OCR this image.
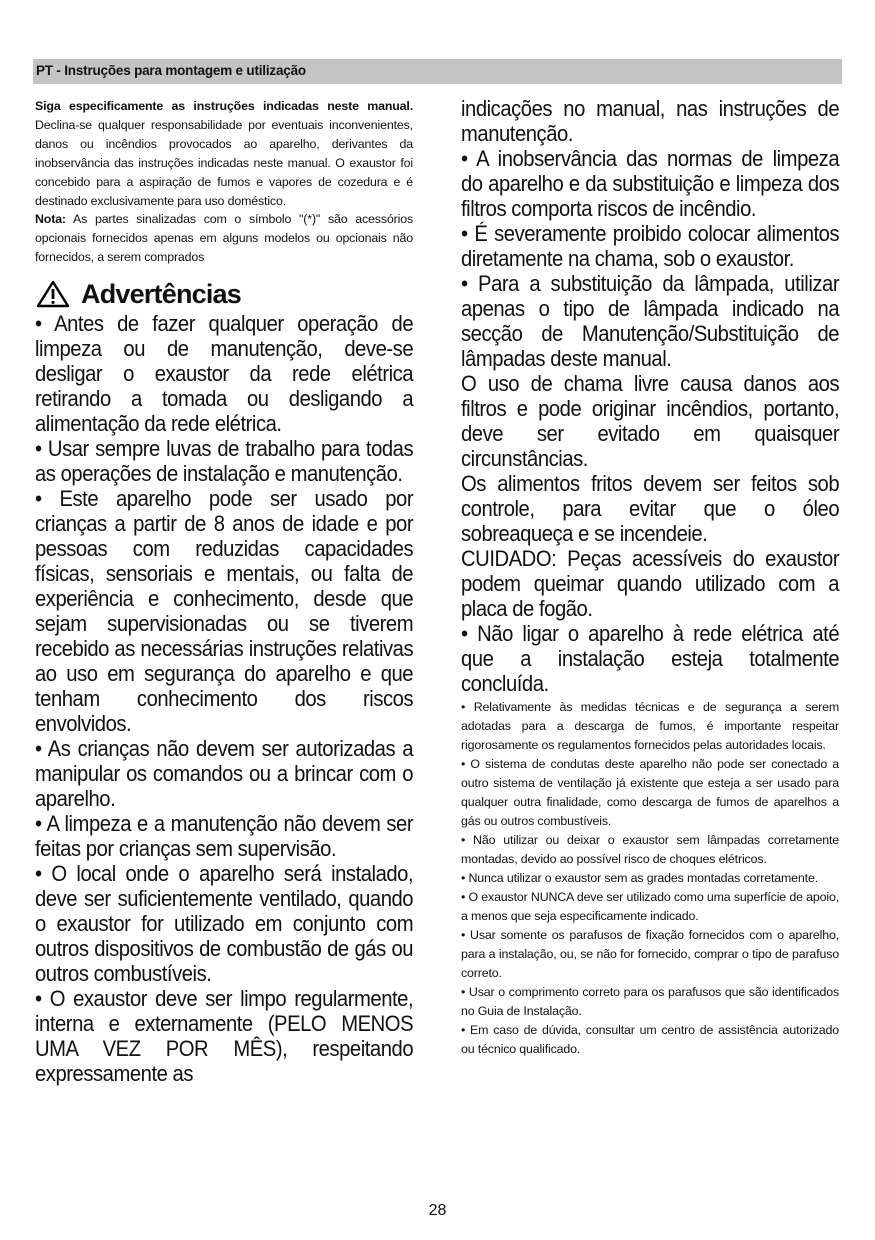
PT - Instruções para montagem e utilização

Siga especificamente as instruções indicadas neste manual. Declina-se qualquer responsabilidade por eventuais inconvenientes, danos ou incêndios provocados ao aparelho, derivantes da inobservância das instruções indicadas neste manual. O exaustor foi concebido para a aspiração de fumos e vapores de cozedura e é destinado exclusivamente para uso doméstico.

Nota: As partes sinalizadas com o símbolo "(*)" são acessórios opcionais fornecidos apenas em alguns modelos ou opcionais não fornecidos, a serem comprados

Advertências

• Antes de fazer qualquer operação de limpeza ou de manutenção, deve-se desligar o exaustor da rede elétrica retirando a tomada ou desligando a alimentação da rede elétrica.

• Usar sempre luvas de trabalho para todas as operações de instalação e manutenção.

• Este aparelho pode ser usado por crianças a partir de 8 anos de idade e por pessoas com reduzidas capacidades físicas, sensoriais e mentais, ou falta de experiência e conhecimento, desde que sejam supervisionadas ou se tiverem recebido as necessárias instruções relativas ao uso em segurança do aparelho e que tenham conhecimento dos riscos envolvidos.

• As crianças não devem ser autorizadas a manipular os comandos ou a brincar com o aparelho.

• A limpeza e a manutenção não devem ser feitas por crianças sem supervisão.

• O local onde o aparelho será instalado, deve ser suficientemente ventilado, quando o exaustor for utilizado em conjunto com outros dispositivos de combustão de gás ou outros combustíveis.

• O exaustor deve ser limpo regularmente, interna e externamente (PELO MENOS UMA VEZ POR MÊS), respeitando expressamente as

indicações no manual, nas instruções de manutenção.

• A inobservância das normas de limpeza do aparelho e da substituição e limpeza dos filtros comporta riscos de incêndio.

• É severamente proibido colocar alimentos diretamente na chama, sob o exaustor.

• Para a substituição da lâmpada, utilizar apenas o tipo de lâmpada indicado na secção de Manutenção/Substituição de lâmpadas deste manual.

O uso de chama livre causa danos aos filtros e pode originar incêndios, portanto, deve ser evitado em quaisquer circunstâncias.

Os alimentos fritos devem ser feitos sob controle, para evitar que o óleo sobreaqueça e se incendeie.

CUIDADO: Peças acessíveis do exaustor podem queimar quando utilizado com a placa de fogão.

• Não ligar o aparelho à rede elétrica até que a instalação esteja totalmente concluída.

• Relativamente às medidas técnicas e de segurança a serem adotadas para a descarga de fumos, é importante respeitar rigorosamente os regulamentos fornecidos pelas autoridades locais.

• O sistema de condutas deste aparelho não pode ser conectado a outro sistema de ventilação já existente que esteja a ser usado para qualquer outra finalidade, como descarga de fumos de aparelhos a gás ou outros combustíveis.

• Não utilizar ou deixar o exaustor sem lâmpadas corretamente montadas, devido ao possível risco de choques elétricos.

• Nunca utilizar o exaustor sem as grades montadas corretamente.

• O exaustor NUNCA deve ser utilizado como uma superfície de apoio, a menos que seja especificamente indicado.

• Usar somente os parafusos de fixação fornecidos com o aparelho, para a instalação, ou, se não for fornecido, comprar o tipo de parafuso correto.

• Usar o comprimento correto para os parafusos que são identificados no Guia de Instalação.

• Em caso de dúvida, consultar um centro de assistência autorizado ou técnico qualificado.

28
